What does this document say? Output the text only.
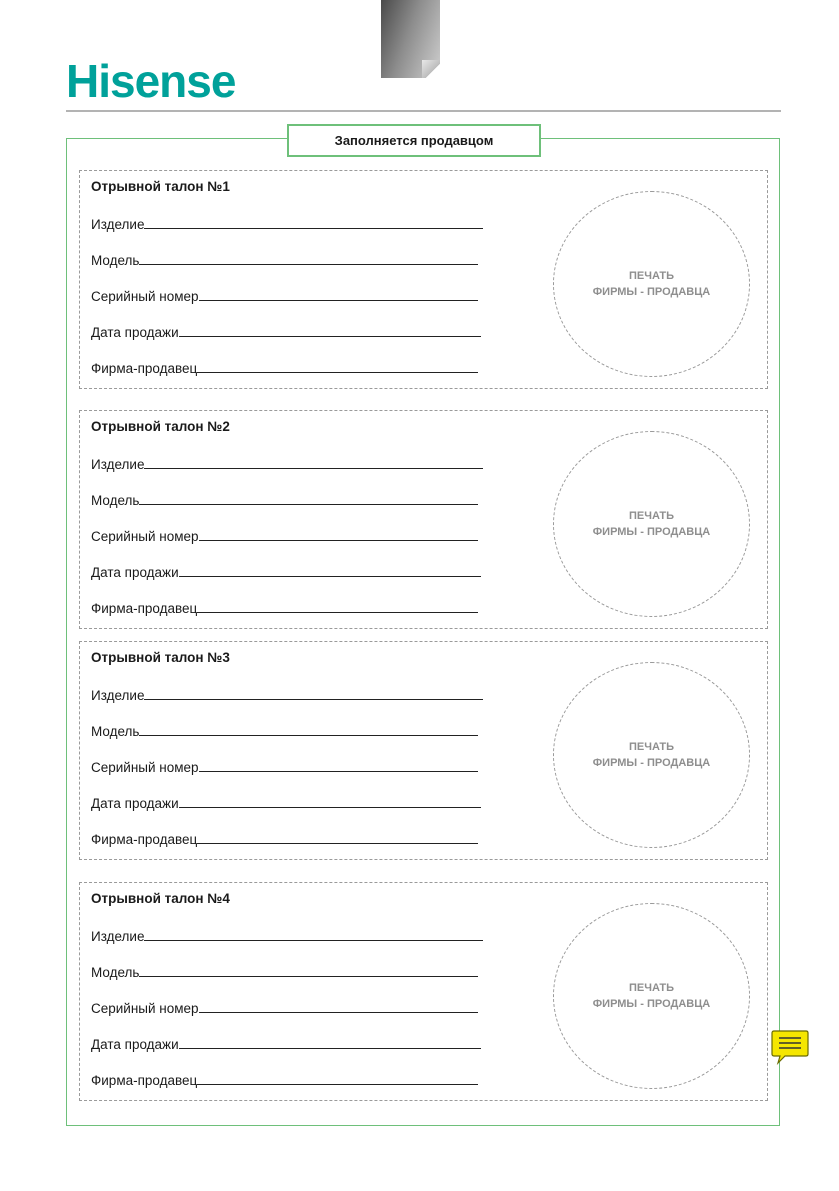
Hisense
Заполняется продавцом
Отрывной талон №1
Изделие
Модель
Серийный номер
Дата продажи
Фирма-продавец
ПЕЧАТЬ
ФИРМЫ - ПРОДАВЦА
Отрывной талон №2
Изделие
Модель
Серийный номер
Дата продажи
Фирма-продавец
ПЕЧАТЬ
ФИРМЫ - ПРОДАВЦА
Отрывной талон №3
Изделие
Модель
Серийный номер
Дата продажи
Фирма-продавец
ПЕЧАТЬ
ФИРМЫ - ПРОДАВЦА
Отрывной талон №4
Изделие
Модель
Серийный номер
Дата продажи
Фирма-продавец
ПЕЧАТЬ
ФИРМЫ - ПРОДАВЦА
